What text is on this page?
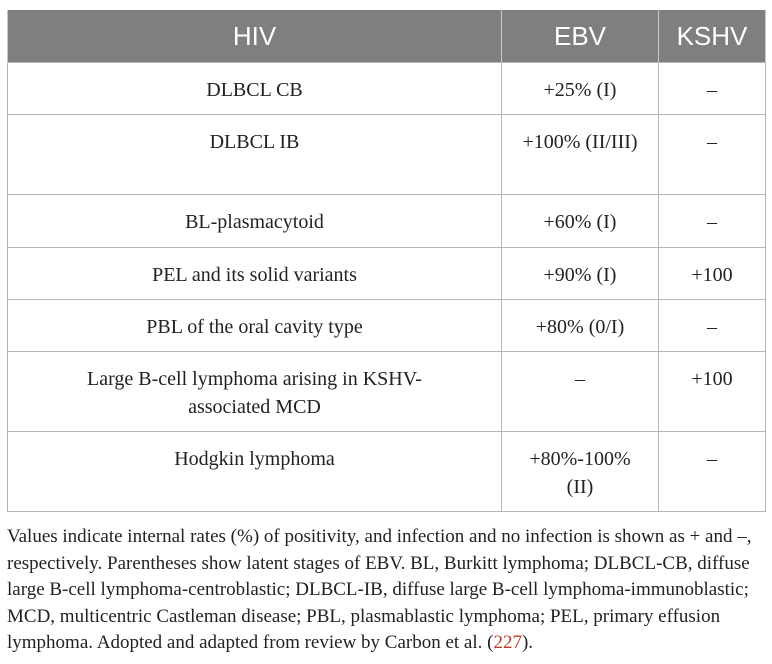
HIV	EBV	KSHV
DLBCL CB	+25% (I)	–
DLBCL IB	+100% (II/III)	–
BL-plasmacytoid	+60% (I)	–
PEL and its solid variants	+90% (I)	+100
PBL of the oral cavity type	+80% (0/I)	–
Large B-cell lymphoma arising in KSHV-associated MCD	–	+100
Hodgkin lymphoma	+80%-100%(II)	–
Values indicate internal rates (%) of positivity, and infection and no infection is shown as + and –, respectively. Parentheses show latent stages of EBV. BL, Burkitt lymphoma; DLBCL-CB, diffuse large B-cell lymphoma-centroblastic; DLBCL-IB, diffuse large B-cell lymphoma-immunoblastic; MCD, multicentric Castleman disease; PBL, plasmablastic lymphoma; PEL, primary effusion lymphoma. Adopted and adapted from review by Carbon et al. (227).
